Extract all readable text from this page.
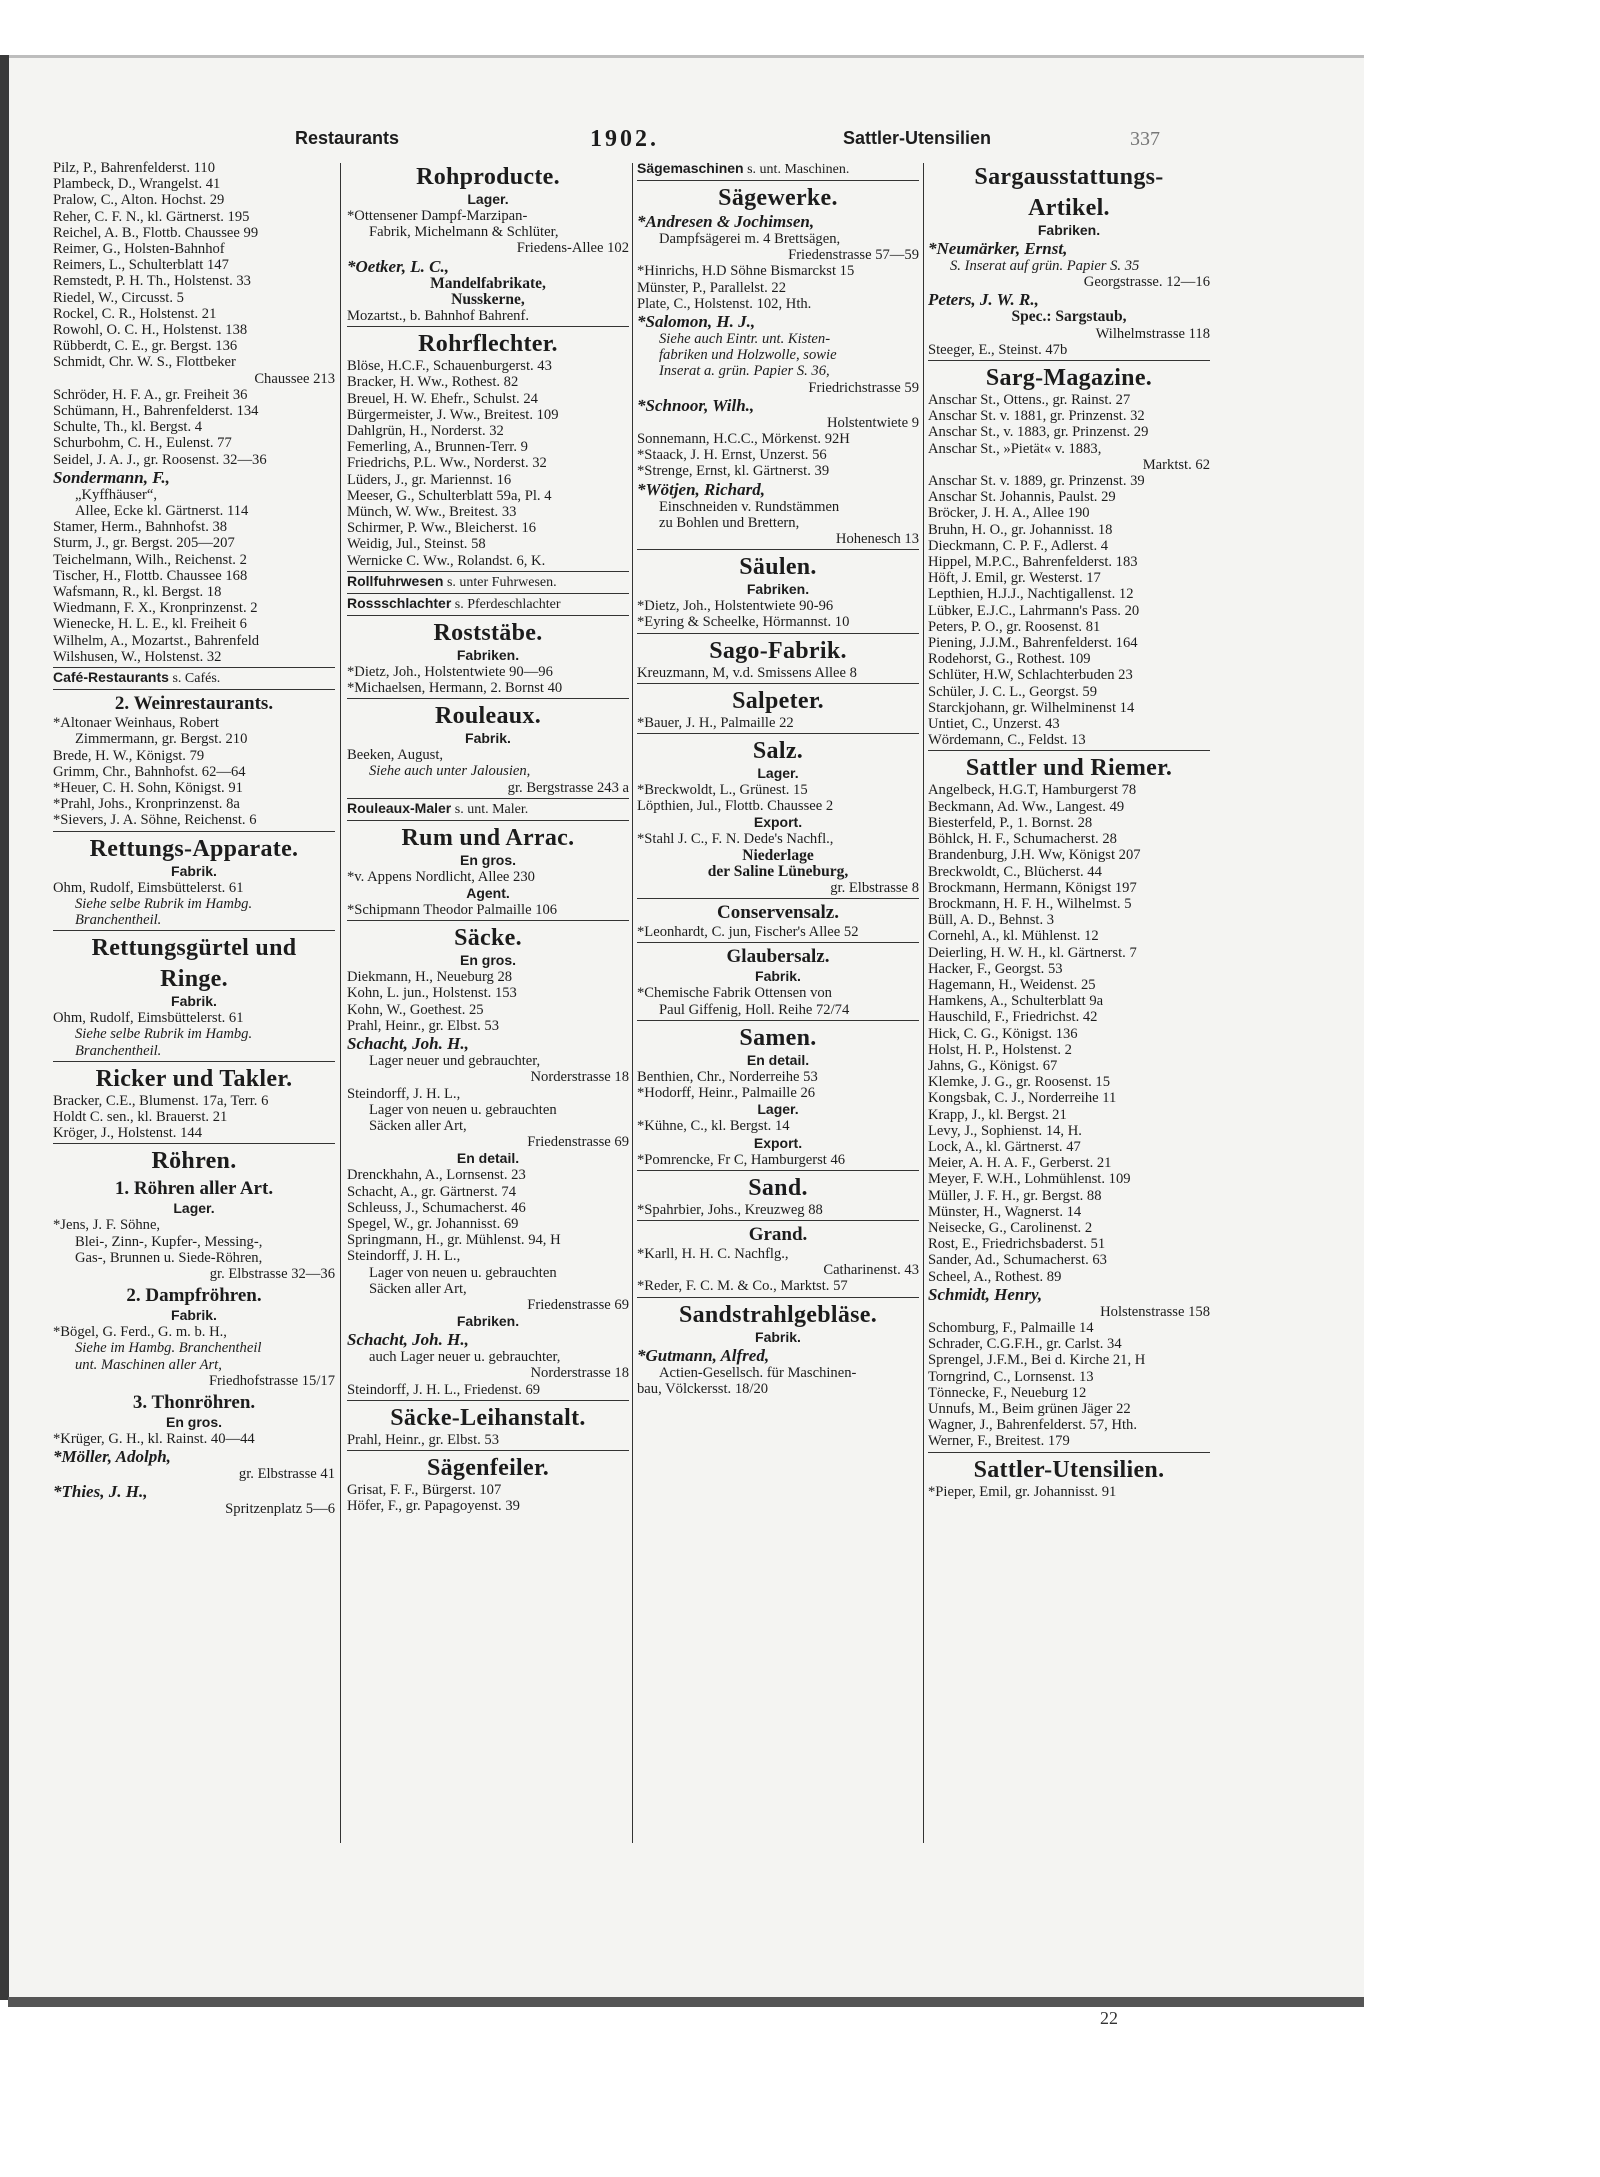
Restaurants	1902.	Sattler-Utensilien	337
Pilz, P., Bahrenfelderst. 110
Plambeck, D., Wrangelst. 41
Pralow, C., Alton. Hochst. 29
Reher, C. F. N., kl. Gärtnerst. 195
Reichel, A. B., Flottb. Chaussee 99
Reimer, G., Holsten-Bahnhof
Reimers, L., Schulterblatt 147
Remstedt, P. H. Th., Holstenst. 33
Riedel, W., Circusst. 5
Rockel, C. R., Holstenst. 21
Rowohl, O. C. H., Holstenst. 138
Rübberdt, C. E., gr. Bergst. 136
Schmidt, Chr. W. S., Flottbeker
Chaussee 213
Schröder, H. F. A., gr. Freiheit 36
Schümann, H., Bahrenfelderst. 134
Schulte, Th., kl. Bergst. 4
Schurbohm, C. H., Eulenst. 77
Seidel, J. A. J., gr. Roosenst. 32—36
Sondermann, F.,
„Kyffhäuser“,
Allee, Ecke kl. Gärtnerst. 114
Stamer, Herm., Bahnhofst. 38
Sturm, J., gr. Bergst. 205—207
Teichelmann, Wilh., Reichenst. 2
Tischer, H., Flottb. Chaussee 168
Wafsmann, R., kl. Bergst. 18
Wiedmann, F. X., Kronprinzenst. 2
Wienecke, H. L. E., kl. Freiheit 6
Wilhelm, A., Mozartst., Bahrenfeld
Wilshusen, W., Holstenst. 32
Café-Restaurants s. Cafés.
2. Weinrestaurants.
*Altonaer Weinhaus, Robert
Zimmermann, gr. Bergst. 210
Brede, H. W., Königst. 79
Grimm, Chr., Bahnhofst. 62—64
*Heuer, C. H. Sohn, Königst. 91
*Prahl, Johs., Kronprinzenst. 8a
*Sievers, J. A. Söhne, Reichenst. 6
Rettungs-Apparate.
Fabrik.
Ohm, Rudolf, Eimsbüttelerst. 61
Siehe selbe Rubrik im Hambg.
Branchentheil.
Rettungsgürtel und
Ringe.
Fabrik.
Ohm, Rudolf, Eimsbüttelerst. 61
Siehe selbe Rubrik im Hambg.
Branchentheil.
Ricker und Takler.
Bracker, C.E., Blumenst. 17a, Terr. 6
Holdt C. sen., kl. Brauerst. 21
Kröger, J., Holstenst. 144
Röhren.
1. Röhren aller Art.
Lager.
*Jens, J. F. Söhne,
Blei-, Zinn-, Kupfer-, Messing-,
Gas-, Brunnen u. Siede-Röhren,
gr. Elbstrasse 32—36
2. Dampfröhren.
Fabrik.
*Bögel, G. Ferd., G. m. b. H.,
Siehe im Hambg. Branchentheil
unt. Maschinen aller Art,
Friedhofstrasse 15/17
3. Thonröhren.
En gros.
*Krüger, G. H., kl. Rainst. 40—44
*Möller, Adolph,
gr. Elbstrasse 41
*Thies, J. H.,
Spritzenplatz 5—6
Rohproducte.
Lager.
*Ottensener Dampf-Marzipan-
Fabrik, Michelmann & Schlüter,
Friedens-Allee 102
*Oetker, L. C.,
Mandelfabrikate,
Nusskerne,
Mozartst., b. Bahnhof Bahrenf.
Rohrflechter.
Blöse, H.C.F., Schauenburgerst. 43
Bracker, H. Ww., Rothest. 82
Breuel, H. W. Ehefr., Schulst. 24
Bürgermeister, J. Ww., Breitest. 109
Dahlgrün, H., Norderst. 32
Femerling, A., Brunnen-Terr. 9
Friedrichs, P.L. Ww., Norderst. 32
Lüders, J., gr. Mariennst. 16
Meeser, G., Schulterblatt 59a, Pl. 4
Münch, W. Ww., Breitest. 33
Schirmer, P. Ww., Bleicherst. 16
Weidig, Jul., Steinst. 58
Wernicke C. Ww., Rolandst. 6, K.
Rollfuhrwesen s. unter Fuhrwesen.
Rossschlachter s. Pferdeschlachter
Roststäbe.
Fabriken.
*Dietz, Joh., Holstentwiete 90—96
*Michaelsen, Hermann, 2. Bornst 40
Rouleaux.
Fabrik.
Beeken, August,
Siehe auch unter Jalousien,
gr. Bergstrasse 243 a
Rouleaux-Maler s. unt. Maler.
Rum und Arrac.
En gros.
*v. Appens Nordlicht, Allee 230
Agent.
*Schipmann Theodor Palmaille 106
Säcke.
En gros.
Diekmann, H., Neueburg 28
Kohn, L. jun., Holstenst. 153
Kohn, W., Goethest. 25
Prahl, Heinr., gr. Elbst. 53
Schacht, Joh. H.,
Lager neuer und gebrauchter,
Norderstrasse 18
Steindorff, J. H. L.,
Lager von neuen u. gebrauchten
Säcken aller Art,
Friedenstrasse 69
En detail.
Drenckhahn, A., Lornsenst. 23
Schacht, A., gr. Gärtnerst. 74
Schleuss, J., Schumacherst. 46
Spegel, W., gr. Johannisst. 69
Springmann, H., gr. Mühlenst. 94, H
Steindorff, J. H. L.,
Lager von neuen u. gebrauchten
Säcken aller Art,
Friedenstrasse 69
Fabriken.
Schacht, Joh. H.,
auch Lager neuer u. gebrauchter,
Norderstrasse 18
Steindorff, J. H. L., Friedenst. 69
Säcke-Leihanstalt.
Prahl, Heinr., gr. Elbst. 53
Sägenfeiler.
Grisat, F. F., Bürgerst. 107
Höfer, F., gr. Papagoyenst. 39
Sägemaschinen s. unt. Maschinen.
Sägewerke.
*Andresen & Jochimsen,
Dampfsägerei m. 4 Brettsägen,
Friedenstrasse 57—59
*Hinrichs, H.D Söhne Bismarckst 15
Münster, P., Parallelst. 22
Plate, C., Holstenst. 102, Hth.
*Salomon, H. J.,
Siehe auch Eintr. unt. Kisten-
fabriken und Holzwolle, sowie
Inserat a. grün. Papier S. 36,
Friedrichstrasse 59
*Schnoor, Wilh.,
Holstentwiete 9
Sonnemann, H.C.C., Mörkenst. 92H
*Staack, J. H. Ernst, Unzerst. 56
*Strenge, Ernst, kl. Gärtnerst. 39
*Wötjen, Richard,
Einschneiden v. Rundstämmen
zu Bohlen und Brettern,
Hohenesch 13
Säulen.
Fabriken.
*Dietz, Joh., Holstentwiete 90-96
*Eyring & Scheelke, Hörmannst. 10
Sago-Fabrik.
Kreuzmann, M, v.d. Smissens Allee 8
Salpeter.
*Bauer, J. H., Palmaille 22
Salz.
Lager.
*Breckwoldt, L., Grünest. 15
Löpthien, Jul., Flottb. Chaussee 2
Export.
*Stahl J. C., F. N. Dede's Nachfl.,
Niederlage
der Saline Lüneburg,
gr. Elbstrasse 8
Conservensalz.
*Leonhardt, C. jun, Fischer's Allee 52
Glaubersalz.
Fabrik.
*Chemische Fabrik Ottensen von
Paul Giffenig, Holl. Reihe 72/74
Samen.
En detail.
Benthien, Chr., Norderreihe 53
*Hodorff, Heinr., Palmaille 26
Lager.
*Kühne, C., kl. Bergst. 14
Export.
*Pomrencke, Fr C, Hamburgerst 46
Sand.
*Spahrbier, Johs., Kreuzweg 88
Grand.
*Karll, H. H. C. Nachflg.,
Catharinenst. 43
*Reder, F. C. M. & Co., Marktst. 57
Sandstrahlgebläse.
Fabrik.
*Gutmann, Alfred,
Actien-Gesellsch. für Maschinen-
bau, Völckersst. 18/20
Sargausstattungs-
Artikel.
Fabriken.
*Neumärker, Ernst,
S. Inserat auf grün. Papier S. 35
Georgstrasse. 12—16
Peters, J. W. R.,
Spec.: Sargstaub,
Wilhelmstrasse 118
Steeger, E., Steinst. 47b
Sarg-Magazine.
Anschar St., Ottens., gr. Rainst. 27
Anschar St. v. 1881, gr. Prinzenst. 32
Anschar St., v. 1883, gr. Prinzenst. 29
Anschar St., »Pietät« v. 1883,
Marktst. 62
Anschar St. v. 1889, gr. Prinzenst. 39
Anschar St. Johannis, Paulst. 29
Bröcker, J. H. A., Allee 190
Bruhn, H. O., gr. Johannisst. 18
Dieckmann, C. P. F., Adlerst. 4
Hippel, M.P.C., Bahrenfelderst. 183
Höft, J. Emil, gr. Westerst. 17
Lepthien, H.J.J., Nachtigallenst. 12
Lübker, E.J.C., Lahrmann's Pass. 20
Peters, P. O., gr. Roosenst. 81
Piening, J.J.M., Bahrenfelderst. 164
Rodehorst, G., Rothest. 109
Schlüter, H.W, Schlachterbuden 23
Schüler, J. C. L., Georgst. 59
Starckjohann, gr. Wilhelminenst 14
Untiet, C., Unzerst. 43
Wördemann, C., Feldst. 13
Sattler und Riemer.
Angelbeck, H.G.T, Hamburgerst 78
Beckmann, Ad. Ww., Langest. 49
Biesterfeld, P., 1. Bornst. 28
Böhlck, H. F., Schumacherst. 28
Brandenburg, J.H. Ww, Königst 207
Breckwoldt, C., Blücherst. 44
Brockmann, Hermann, Königst 197
Brockmann, H. F. H., Wilhelmst. 5
Büll, A. D., Behnst. 3
Cornehl, A., kl. Mühlenst. 12
Deierling, H. W. H., kl. Gärtnerst. 7
Hacker, F., Georgst. 53
Hagemann, H., Weidenst. 25
Hamkens, A., Schulterblatt 9a
Hauschild, F., Friedrichst. 42
Hick, C. G., Königst. 136
Holst, H. P., Holstenst. 2
Jahns, G., Königst. 67
Klemke, J. G., gr. Roosenst. 15
Kongsbak, C. J., Norderreihe 11
Krapp, J., kl. Bergst. 21
Levy, J., Sophienst. 14, H.
Lock, A., kl. Gärtnerst. 47
Meier, A. H. A. F., Gerberst. 21
Meyer, F. W.H., Lohmühlenst. 109
Müller, J. F. H., gr. Bergst. 88
Münster, H., Wagnerst. 14
Neisecke, G., Carolinenst. 2
Rost, E., Friedrichsbaderst. 51
Sander, Ad., Schumacherst. 63
Scheel, A., Rothest. 89
Schmidt, Henry,
Holstenstrasse 158
Schomburg, F., Palmaille 14
Schrader, C.G.F.H., gr. Carlst. 34
Sprengel, J.F.M., Bei d. Kirche 21, H
Torngrind, C., Lornsenst. 13
Tönnecke, F., Neueburg 12
Unnufs, M., Beim grünen Jäger 22
Wagner, J., Bahrenfelderst. 57, Hth.
Werner, F., Breitest. 179
Sattler-Utensilien.
*Pieper, Emil, gr. Johannisst. 91
22
